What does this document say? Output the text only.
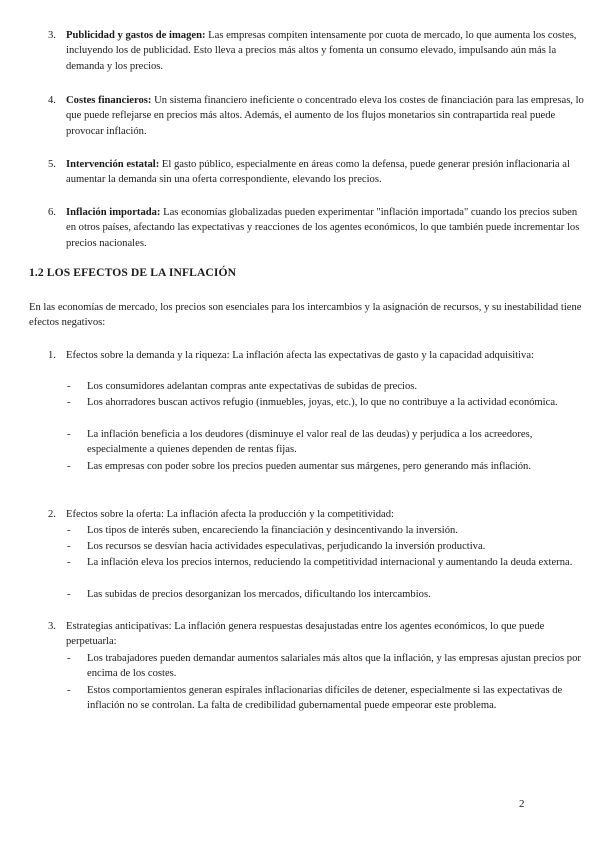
3. Publicidad y gastos de imagen: Las empresas compiten intensamente por cuota de mercado, lo que aumenta los costes, incluyendo los de publicidad. Esto lleva a precios más altos y fomenta un consumo elevado, impulsando aún más la demanda y los precios.
4. Costes financieros: Un sistema financiero ineficiente o concentrado eleva los costes de financiación para las empresas, lo que puede reflejarse en precios más altos. Además, el aumento de los flujos monetarios sin contrapartida real puede provocar inflación.
5. Intervención estatal: El gasto público, especialmente en áreas como la defensa, puede generar presión inflacionaria al aumentar la demanda sin una oferta correspondiente, elevando los precios.
6. Inflación importada: Las economías globalizadas pueden experimentar "inflación importada" cuando los precios suben en otros países, afectando las expectativas y reacciones de los agentes económicos, lo que también puede incrementar los precios nacionales.
1.2 LOS EFECTOS DE LA INFLACIÓN
En las economías de mercado, los precios son esenciales para los intercambios y la asignación de recursos, y su inestabilidad tiene efectos negativos:
1. Efectos sobre la demanda y la riqueza: La inflación afecta las expectativas de gasto y la capacidad adquisitiva:
- Los consumidores adelantan compras ante expectativas de subidas de precios.
- Los ahorradores buscan activos refugio (inmuebles, joyas, etc.), lo que no contribuye a la actividad económica.
- La inflación beneficia a los deudores (disminuye el valor real de las deudas) y perjudica a los acreedores, especialmente a quienes dependen de rentas fijas.
- Las empresas con poder sobre los precios pueden aumentar sus márgenes, pero generando más inflación.
2. Efectos sobre la oferta: La inflación afecta la producción y la competitividad:
- Los tipos de interés suben, encareciendo la financiación y desincentivando la inversión.
- Los recursos se desvían hacia actividades especulativas, perjudicando la inversión productiva.
- La inflación eleva los precios internos, reduciendo la competitividad internacional y aumentando la deuda externa.
- Las subidas de precios desorganizan los mercados, dificultando los intercambios.
3. Estrategias anticipativas: La inflación genera respuestas desajustadas entre los agentes económicos, lo que puede perpetuarla:
- Los trabajadores pueden demandar aumentos salariales más altos que la inflación, y las empresas ajustan precios por encima de los costes.
- Estos comportamientos generan espirales inflacionarias difíciles de detener, especialmente si las expectativas de inflación no se controlan. La falta de credibilidad gubernamental puede empeorar este problema.
2
